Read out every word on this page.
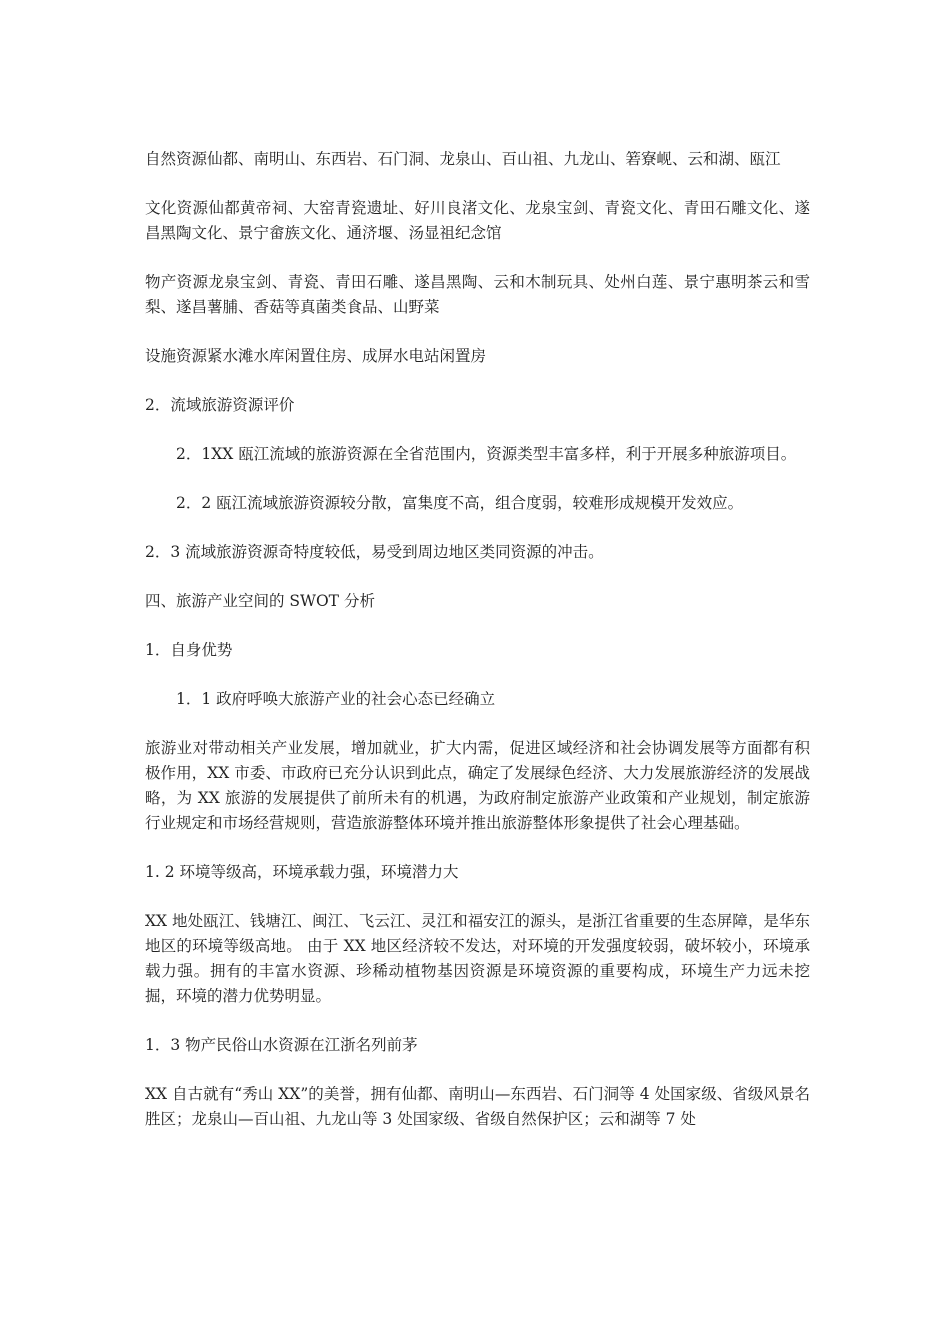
自然资源仙都、南明山、东西岩、石门洞、龙泉山、百山祖、九龙山、箬寮岘、云和湖、瓯江

文化资源仙都黄帝祠、大窑青瓷遗址、好川良渚文化、龙泉宝剑、青瓷文化、青田石雕文化、遂昌黑陶文化、景宁畲族文化、通济堰、汤显祖纪念馆

物产资源龙泉宝剑、青瓷、青田石雕、遂昌黑陶、云和木制玩具、处州白莲、景宁惠明茶云和雪梨、遂昌薯脯、香菇等真菌类食品、山野菜

设施资源紧水滩水库闲置住房、成屏水电站闲置房

2．流域旅游资源评价

2．1XX 瓯江流域的旅游资源在全省范围内，资源类型丰富多样，利于开展多种旅游项目。

2．2 瓯江流域旅游资源较分散，富集度不高，组合度弱，较难形成规模开发效应。

2．3 流域旅游资源奇特度较低，易受到周边地区类同资源的冲击。

四、旅游产业空间的 SWOT 分析

1．自身优势

1．1 政府呼唤大旅游产业的社会心态已经确立

旅游业对带动相关产业发展，增加就业，扩大内需，促进区域经济和社会协调发展等方面都有积极作用，XX 市委、市政府已充分认识到此点，确定了发展绿色经济、大力发展旅游经济的发展战略，为 XX 旅游的发展提供了前所未有的机遇，为政府制定旅游产业政策和产业规划，制定旅游行业规定和市场经营规则，营造旅游整体环境并推出旅游整体形象提供了社会心理基础。

1. 2 环境等级高，环境承载力强，环境潜力大

XX 地处瓯江、钱塘江、闽江、飞云江、灵江和福安江的源头，是浙江省重要的生态屏障，是华东地区的环境等级高地。 由于 XX 地区经济较不发达，对环境的开发强度较弱，破坏较小，环境承载力强。拥有的丰富水资源、珍稀动植物基因资源是环境资源的重要构成，环境生产力远未挖掘，环境的潜力优势明显。

1．3 物产民俗山水资源在江浙名列前茅

XX 自古就有“秀山 XX”的美誉，拥有仙都、南明山—东西岩、石门洞等 4 处国家级、省级风景名胜区；龙泉山—百山祖、九龙山等 3 处国家级、省级自然保护区；云和湖等 7 处
